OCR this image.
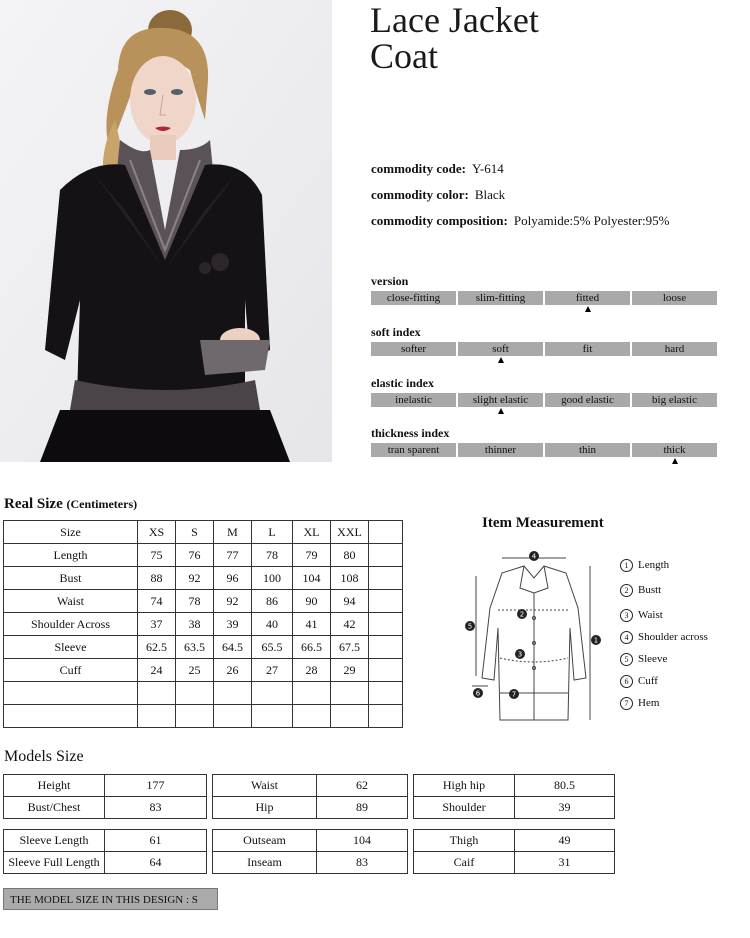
Lace Jacket
Coat
commodity code: Y-614
commodity color: Black
commodity composition: Polyamide:5% Polyester:95%
version
close-fitting	slim-fitting	fitted	loose
soft index
softer	soft	fit	hard
elastic index
inelastic	slight elastic	good elastic	big elastic
thickness index
tran sparent	thinner	thin	thick
Real Size (Centimeters)
Size	XS	S	M	L	XL	XXL	
Length	75	76	77	78	79	80	
Bust	88	92	96	100	104	108	
Waist	74	78	92	86	90	94	
Shoulder Across	37	38	39	40	41	42	
Sleeve	62.5	63.5	64.5	65.5	66.5	67.5	
Cuff	24	25	26	27	28	29	

Item Measurement
4
1
2
3
5
6	7
1 Length
2 Bustt
3 Waist
4 Shoulder across
5 Sleeve
6 Cuff
7 Hem
Models Size
Height	177
Bust/Chest	83
Waist	62
Hip	89
High hip	80.5
Shoulder	39
Sleeve Length	61
Sleeve Full Length	64
Outseam	104
Inseam	83
Thigh	49
Caif	31
THE MODEL SIZE IN THIS DESIGN : S
